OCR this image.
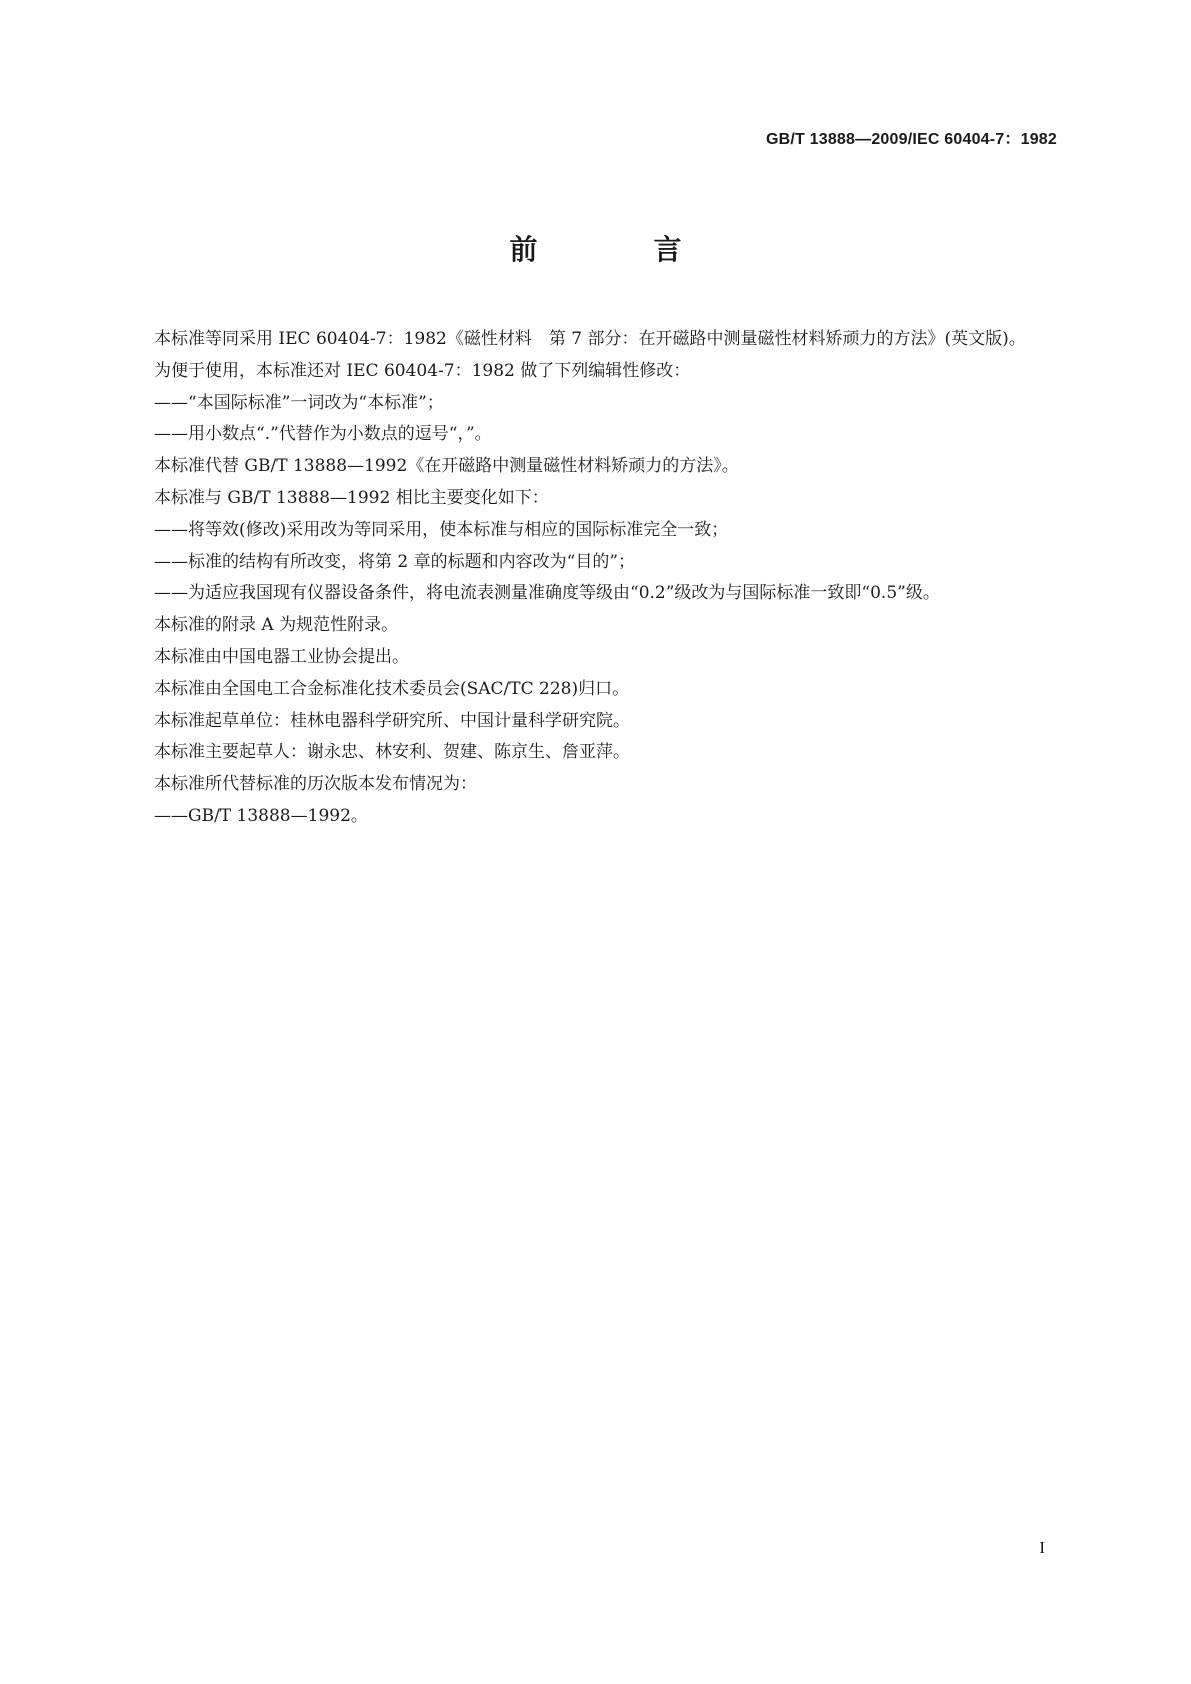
GB/T 13888—2009/IEC 60404-7：1982
前　言

本标准等同采用 IEC 60404-7：1982《磁性材料　第 7 部分：在开磁路中测量磁性材料矫顽力的方法》(英文版)。

为便于使用，本标准还对 IEC 60404-7：1982 做了下列编辑性修改：

——“本国际标准”一词改为“本标准”；

——用小数点“.”代替作为小数点的逗号“，”。

本标准代替 GB/T 13888—1992《在开磁路中测量磁性材料矫顽力的方法》。

本标准与 GB/T 13888—1992 相比主要变化如下：

——将等效(修改)采用改为等同采用，使本标准与相应的国际标准完全一致；

——标准的结构有所改变，将第 2 章的标题和内容改为“目的”；

——为适应我国现有仪器设备条件，将电流表测量准确度等级由“0.2”级改为与国际标准一致即“0.5”级。

本标准的附录 A 为规范性附录。

本标准由中国电器工业协会提出。

本标准由全国电工合金标准化技术委员会(SAC/TC 228)归口。

本标准起草单位：桂林电器科学研究所、中国计量科学研究院。

本标准主要起草人：谢永忠、林安利、贺建、陈京生、詹亚萍。

本标准所代替标准的历次版本发布情况为：

——GB/T 13888—1992。

I
